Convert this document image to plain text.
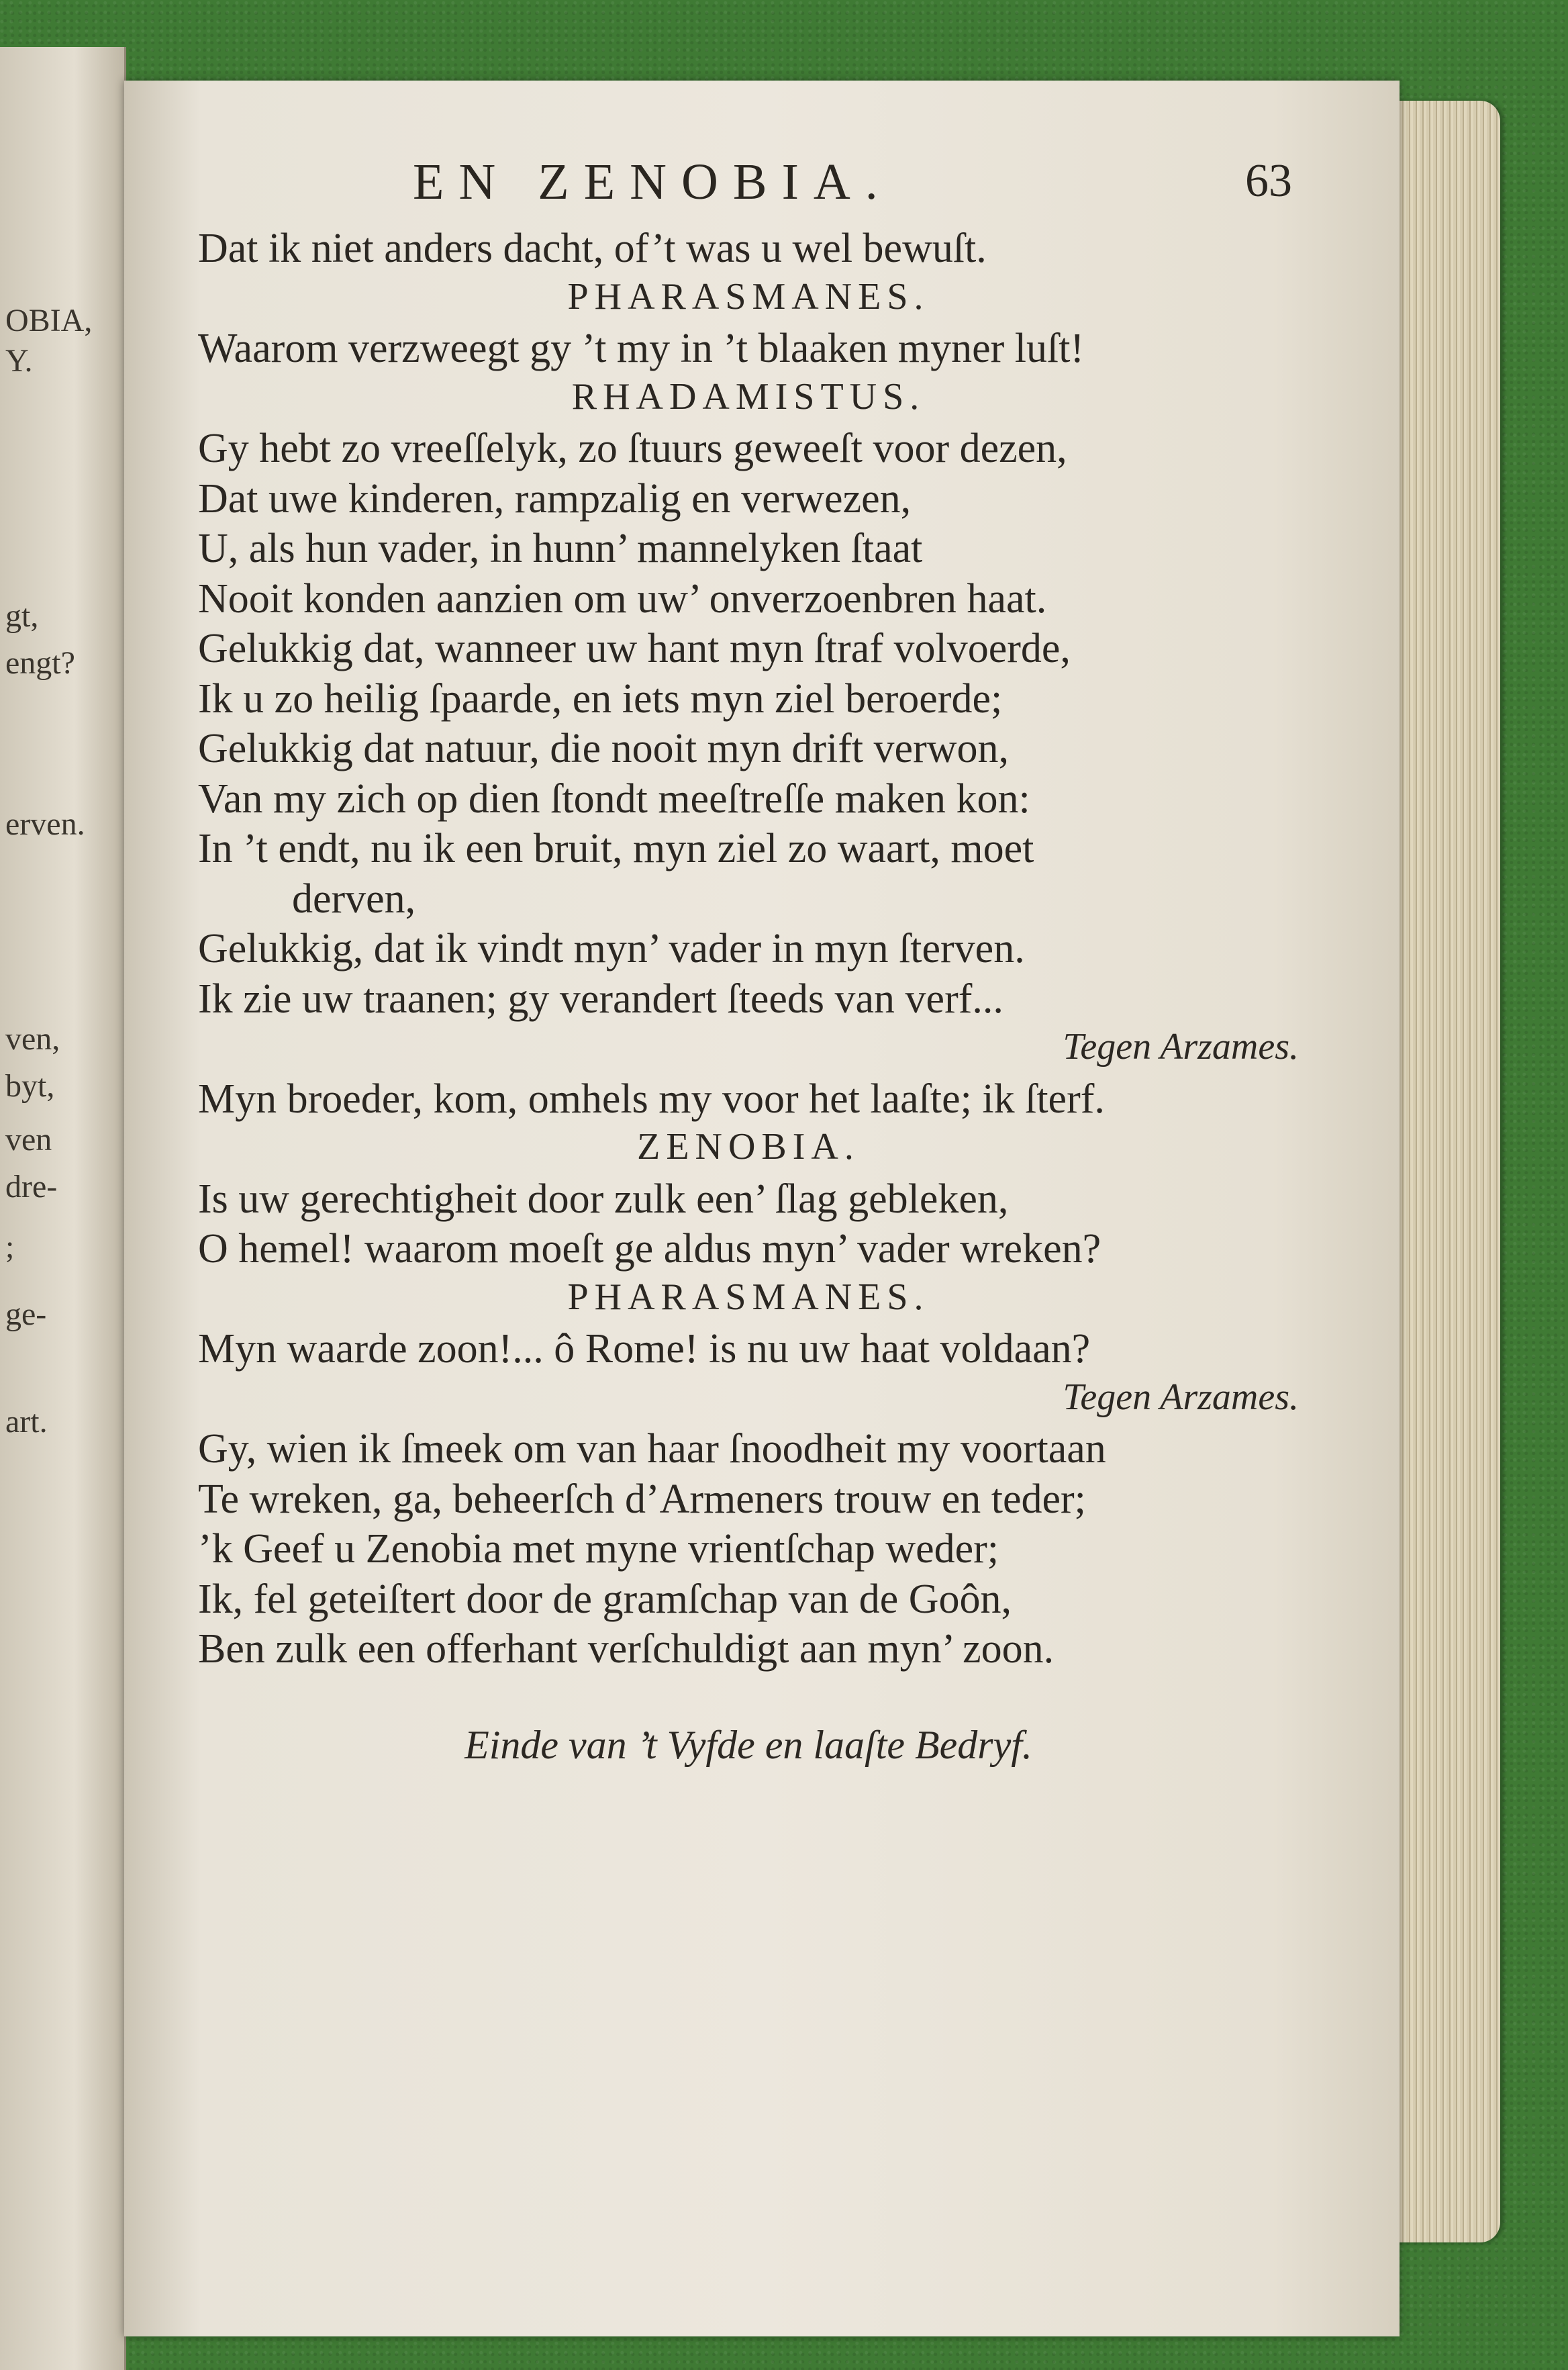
OBIA,
Y.
gt,
engt?
erven.
ven,
byt,
ven
dre-
;
ge-
art.
EN ZENOBIA.	63
Dat ik niet anders dacht, of’t was u wel bewuſt.
PHARASMANES.
Waarom verzweegt gy ’t my in ’t blaaken myner luſt!
RHADAMISTUS.
Gy hebt zo vreeſſelyk, zo ſtuurs geweeſt voor dezen,
Dat uwe kinderen, rampzalig en verwezen,
U, als hun vader, in hunn’ mannelyken ſtaat
Nooit konden aanzien om uw’ onverzoenbren haat.
Gelukkig dat, wanneer uw hant myn ſtraf volvoerde,
Ik u zo heilig ſpaarde, en iets myn ziel beroerde;
Gelukkig dat natuur, die nooit myn drift verwon,
Van my zich op dien ſtondt meeſtreſſe maken kon:
In ’t endt, nu ik een bruit, myn ziel zo waart, moet
derven,
Gelukkig, dat ik vindt myn’ vader in myn ſterven.
Ik zie uw traanen; gy verandert ſteeds van verf...
Tegen Arzames.
Myn broeder, kom, omhels my voor het laaſte; ik ſterf.
ZENOBIA.
Is uw gerechtigheit door zulk een’ ſlag gebleken,
O hemel! waarom moeſt ge aldus myn’ vader wreken?
PHARASMANES.
Myn waarde zoon!... ô Rome! is nu uw haat voldaan?
Tegen Arzames.
Gy, wien ik ſmeek om van haar ſnoodheit my voortaan
Te wreken, ga, beheerſch d’Armeners trouw en teder;
’k Geef u Zenobia met myne vrientſchap weder;
Ik, fel geteiſtert door de gramſchap van de Goôn,
Ben zulk een offerhant verſchuldigt aan myn’ zoon.
Einde van ’t Vyfde en laaſte Bedryf.
